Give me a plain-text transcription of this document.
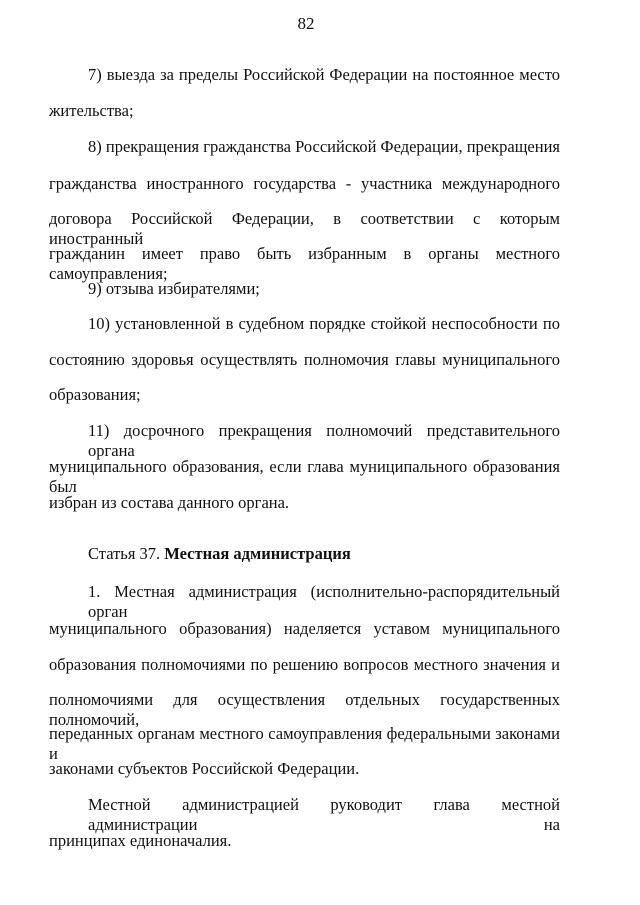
82
7) выезда за пределы Российской Федерации на постоянное место
жительства;
8) прекращения гражданства Российской Федерации, прекращения
гражданства иностранного государства - участника международного
договора Российской Федерации, в соответствии с которым иностранный
гражданин имеет право быть избранным в органы местного самоуправления;
9) отзыва избирателями;
10) установленной в судебном порядке стойкой неспособности по
состоянию здоровья осуществлять полномочия главы муниципального
образования;
11) досрочного прекращения полномочий представительного органа
муниципального образования, если глава муниципального образования был
избран из состава данного органа.
Статья 37. Местная администрация
1. Местная администрация (исполнительно-распорядительный орган
муниципального образования) наделяется уставом муниципального
образования полномочиями по решению вопросов местного значения и
полномочиями для осуществления отдельных государственных полномочий,
переданных органам местного самоуправления федеральными законами и
законами субъектов Российской Федерации.
Местной администрацией руководит глава местной администрации на
принципах единоначалия.
